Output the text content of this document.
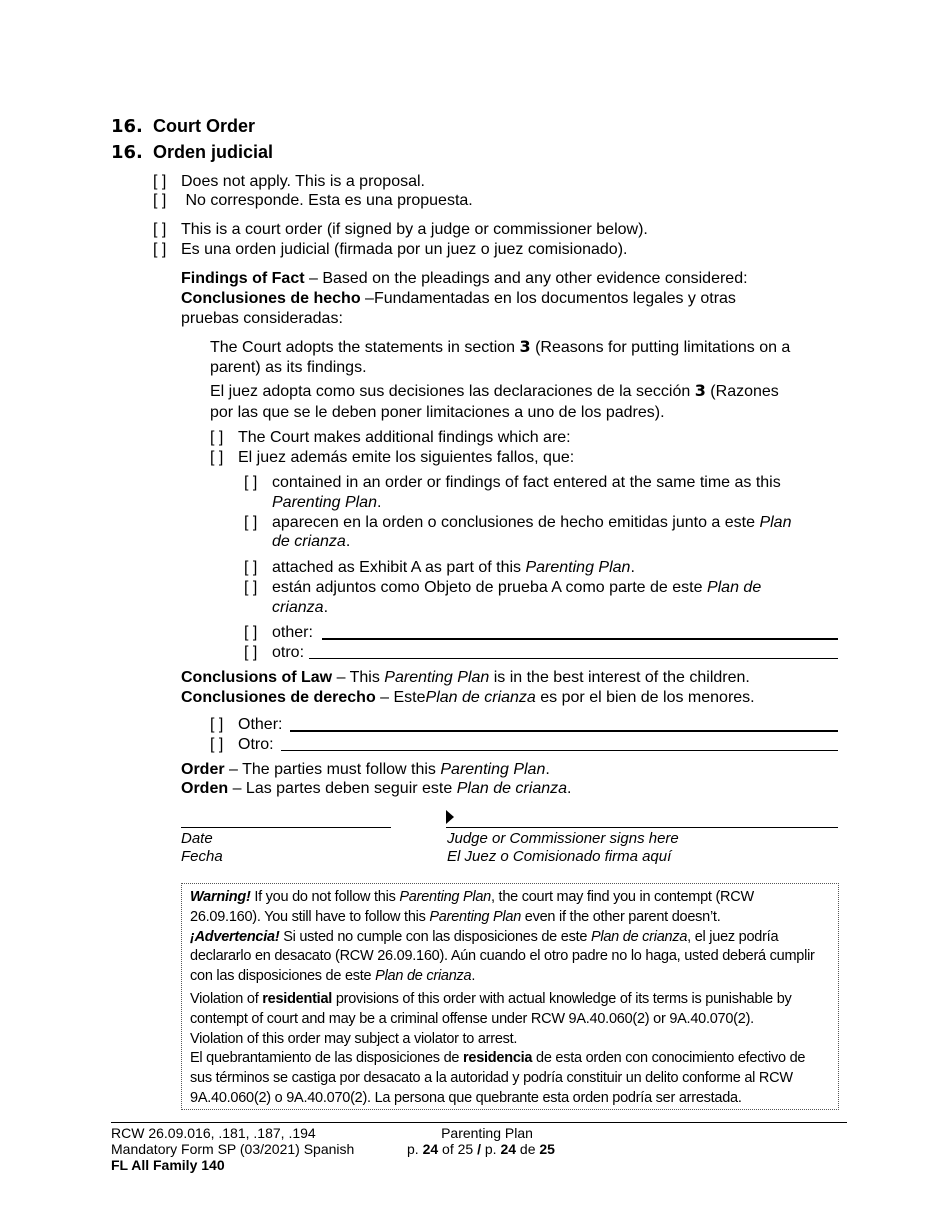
16. Court Order
16. Orden judicial
[ ] Does not apply. This is a proposal.
[ ] No corresponde. Esta es una propuesta.
[ ] This is a court order (if signed by a judge or commissioner below).
[ ] Es una orden judicial (firmada por un juez o juez comisionado).
Findings of Fact – Based on the pleadings and any other evidence considered:
Conclusiones de hecho –Fundamentadas en los documentos legales y otras
pruebas consideradas:
The Court adopts the statements in section 3 (Reasons for putting limitations on a
parent) as its findings.
El juez adopta como sus decisiones las declaraciones de la sección 3 (Razones
por las que se le deben poner limitaciones a uno de los padres).
[ ] The Court makes additional findings which are:
[ ] El juez además emite los siguientes fallos, que:
[ ] contained in an order or findings of fact entered at the same time as this
Parenting Plan.
[ ] aparecen en la orden o conclusiones de hecho emitidas junto a este Plan
de crianza.
[ ] attached as Exhibit A as part of this Parenting Plan.
[ ] están adjuntos como Objeto de prueba A como parte de este Plan de
crianza.
[ ] other:
[ ] otro:
Conclusions of Law – This Parenting Plan is in the best interest of the children.
Conclusiones de derecho – EstePlan de crianza es por el bien de los menores.
[ ] Other:
[ ] Otro:
Order – The parties must follow this Parenting Plan.
Orden – Las partes deben seguir este Plan de crianza.
Date
Fecha
Judge or Commissioner signs here
El Juez o Comisionado firma aquí

Warning! If you do not follow this Parenting Plan, the court may find you in contempt (RCW

26.09.160). You still have to follow this Parenting Plan even if the other parent doesn’t.

¡Advertencia! Si usted no cumple con las disposiciones de este Plan de crianza, el juez podría

declararlo en desacato (RCW 26.09.160). Aún cuando el otro padre no lo haga, usted deberá cumplir

con las disposiciones de este Plan de crianza.

Violation of residential provisions of this order with actual knowledge of its terms is punishable by

contempt of court and may be a criminal offense under RCW 9A.40.060(2) or 9A.40.070(2).

Violation of this order may subject a violator to arrest.

El quebrantamiento de las disposiciones de residencia de esta orden con conocimiento efectivo de

sus términos se castiga por desacato a la autoridad y podría constituir un delito conforme al RCW

9A.40.060(2) o 9A.40.070(2). La persona que quebrante esta orden podría ser arrestada.

RCW 26.09.016, .181, .187, .194
Mandatory Form SP (03/2021) Spanish
FL All Family 140
Parenting Plan
p. 24 of 25 / p. 24 de 25
